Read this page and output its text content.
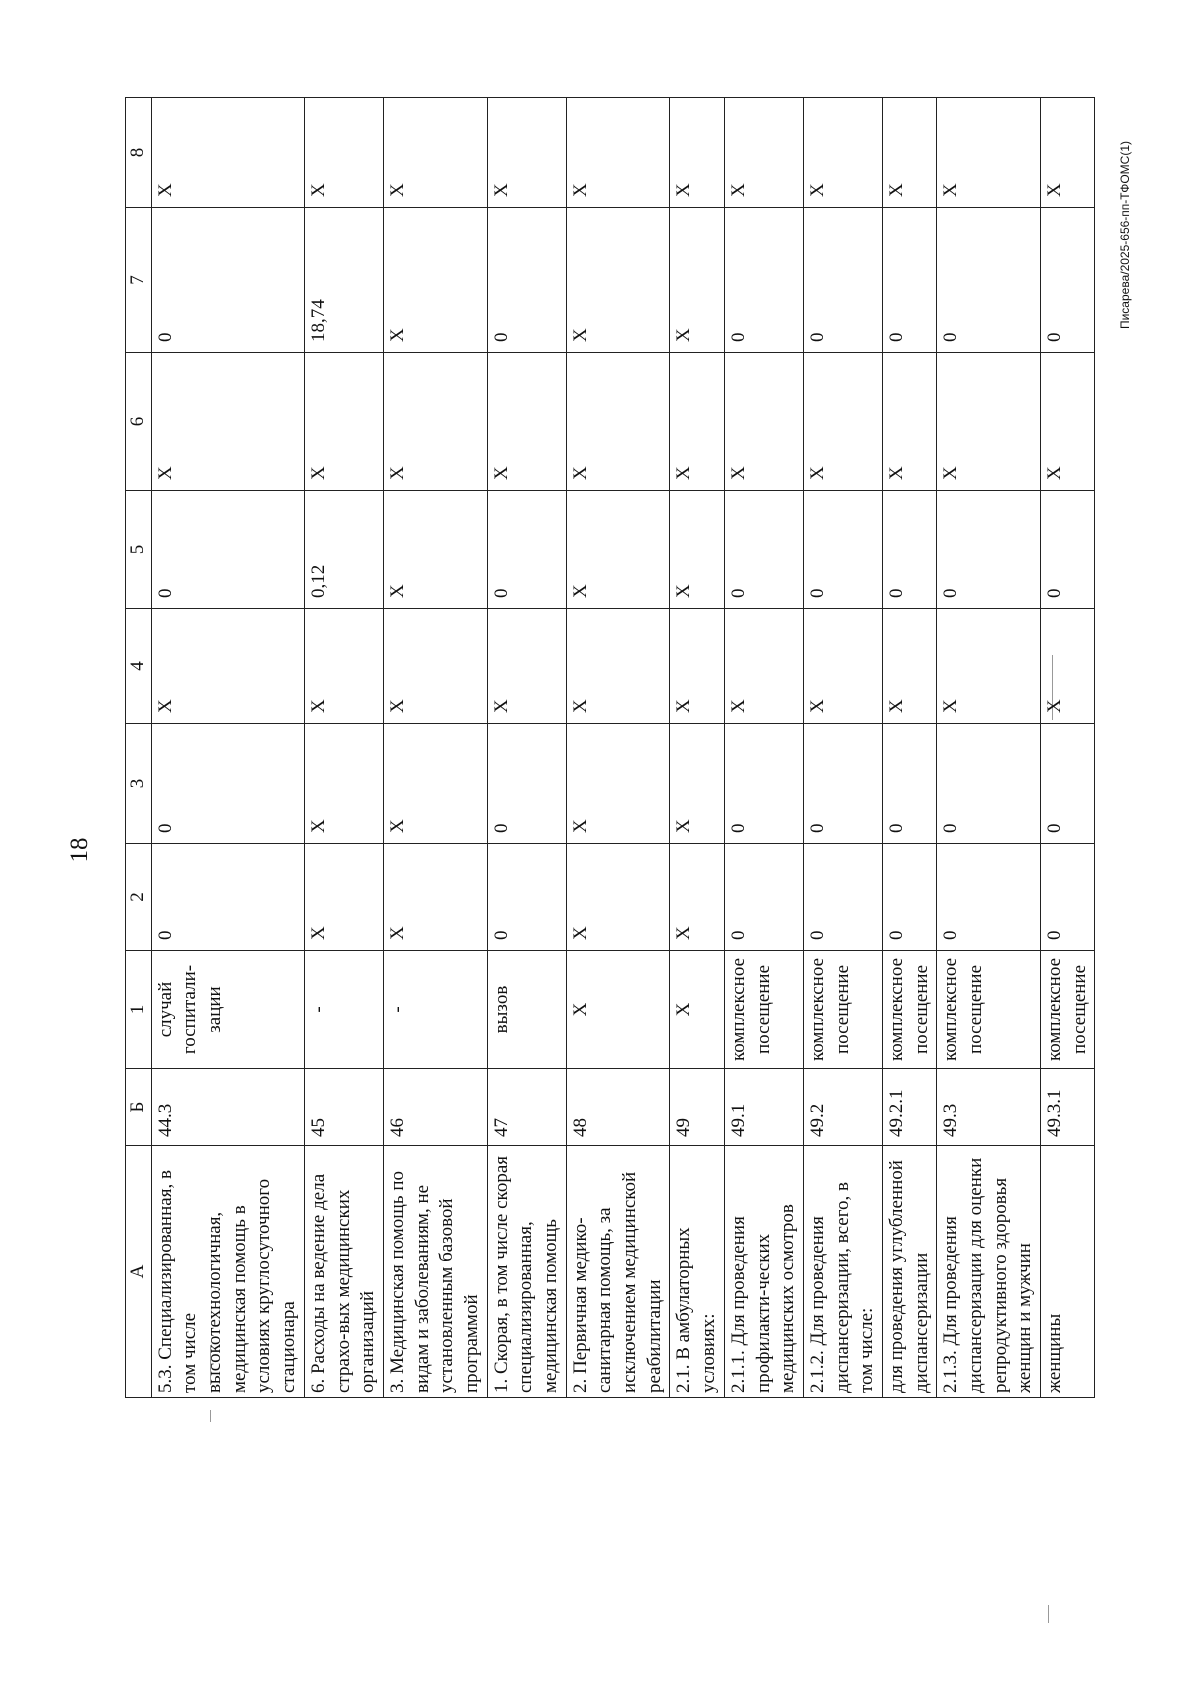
18
Писарева/2025-656-пп-ТФОМС(1)
А	Б	1	2	3	4	5	6	7	8
5.3. Специализированная, в том числе высокотехнологичная, медицинская помощь в условиях круглосуточного стационара	44.3	случай госпитали-зации	0	0	Х	0	Х	0	Х
6. Расходы на ведение дела страхо-вых медицинских организаций	45	-	Х	Х	Х	0,12	Х	18,74	Х
3. Медицинская помощь по видам и заболеваниям, не установленным базовой программой	46	-	Х	Х	Х	Х	Х	Х	Х
1. Скорая, в том числе скорая специализированная, медицинская помощь	47	вызов	0	0	Х	0	Х	0	Х
2. Первичная медико-санитарная помощь, за исключением медицинской реабилитации	48	Х	Х	Х	Х	Х	Х	Х	Х
2.1. В амбулаторных условиях:	49	Х	Х	Х	Х	Х	Х	Х	Х
2.1.1. Для проведения профилакти-ческих медицинских осмотров	49.1	комплексное посещение	0	0	Х	0	Х	0	Х
2.1.2. Для проведения диспансеризации, всего, в том числе:	49.2	комплексное посещение	0	0	Х	0	Х	0	Х
для проведения углубленной диспансеризации	49.2.1	комплексное посещение	0	0	Х	0	Х	0	Х
2.1.3. Для проведения диспансеризации для оценки репродуктивного здоровья женщин и мужчин	49.3	комплексное посещение	0	0	Х	0	Х	0	Х
женщины	49.3.1	комплексное посещение	0	0	Х	0	Х	0	Х
